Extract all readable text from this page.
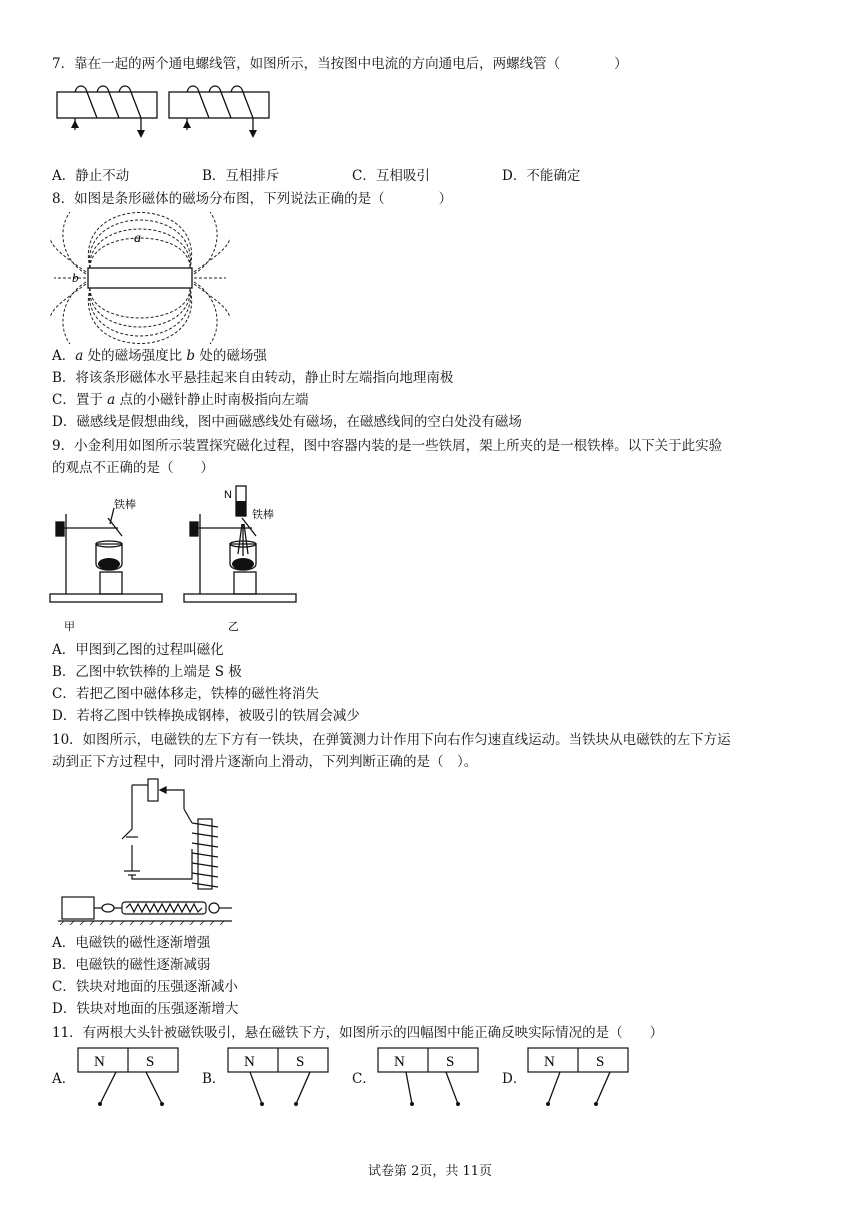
7．靠在一起的两个通电螺线管，如图所示，当按图中电流的方向通电后，两螺线管（　　　　）
A．静止不动	B．互相排斥	C．互相吸引	D．不能确定
8．如图是条形磁体的磁场分布图，下列说法正确的是（　　　　）
a
b
A．a 处的磁场强度比 b 处的磁场强
B．将该条形磁体水平悬挂起来自由转动，静止时左端指向地理南极
C．置于 a 点的小磁针静止时南极指向左端
D．磁感线是假想曲线，图中画磁感线处有磁场，在磁感线间的空白处没有磁场
9．小金利用如图所示装置探究磁化过程，图中容器内装的是一些铁屑，架上所夹的是一根铁棒。以下关于此实验
的观点不正确的是（　　）
铁棒
N
铁棒
甲	乙
A．甲图到乙图的过程叫磁化
B．乙图中软铁棒的上端是 S 极
C．若把乙图中磁体移走，铁棒的磁性将消失
D．若将乙图中铁棒换成钢棒，被吸引的铁屑会减少
10．如图所示，电磁铁的左下方有一铁块，在弹簧测力计作用下向右作匀速直线运动。当铁块从电磁铁的左下方运
动到正下方过程中，同时滑片逐渐向上滑动，下列判断正确的是（　）。
A．电磁铁的磁性逐渐增强
B．电磁铁的磁性逐渐减弱
C．铁块对地面的压强逐渐减小
D．铁块对地面的压强逐渐增大
11．有两根大头针被磁铁吸引，悬在磁铁下方，如图所示的四幅图中能正确反映实际情况的是（　　）
A．
N	S
B．
N	S
C．
N	S
D．
N	S
试卷第 2页，共 11页
